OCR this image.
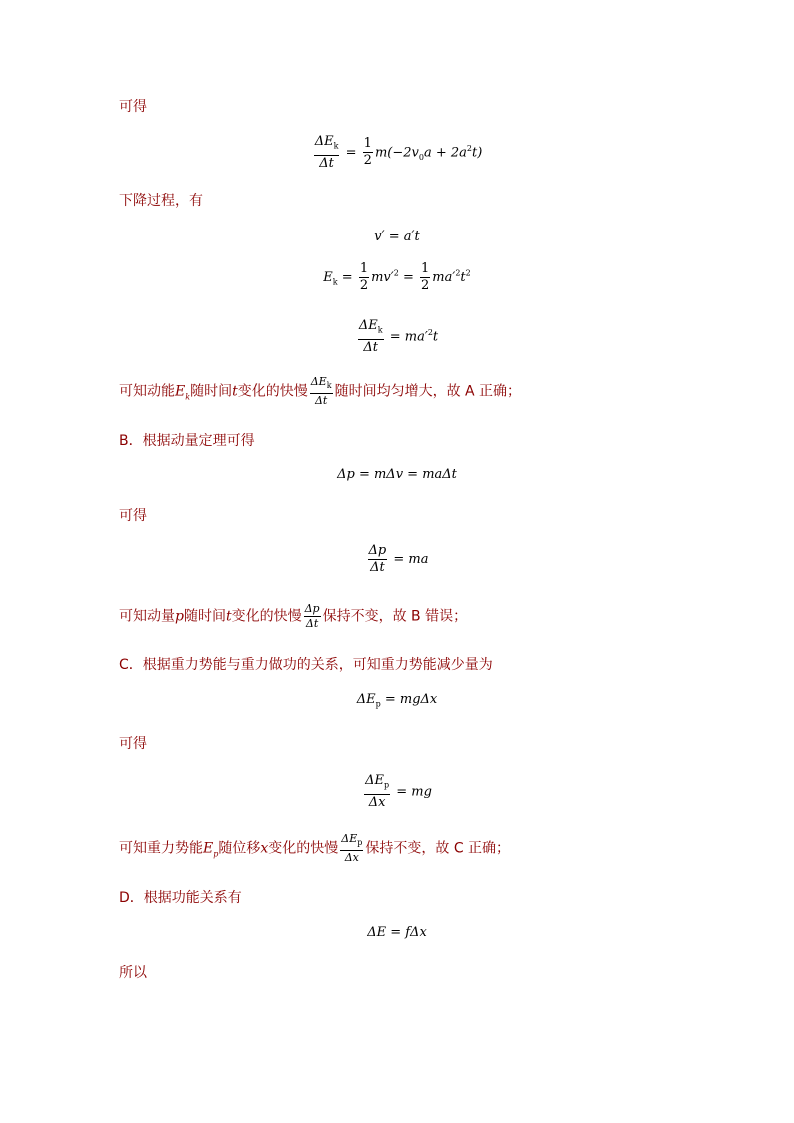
可得
$\frac{\Delta E_k}{\Delta t} = \frac{1}{2} m(-2v_0a + 2a^2t)$
下降过程，有
v′ = a′t
$E_k = \frac{1}{2} mv'^2 = \frac{1}{2} ma'^2t^2$
$\frac{\Delta E_k}{\Delta t} = ma'^2t$
可知动能$E_k$随时间t变化的快慢 $\frac{\Delta E_k}{\Delta t}$ 随时间均匀增大，故 A 正确；
B．根据动量定理可得
Δp = mΔv = maΔt
可得
$\frac{\Delta p}{\Delta t}$ = ma
可知动量p随时间t变化的快慢 $\frac{\Delta p}{\Delta t}$ 保持不变，故 B 错误；
C．根据重力势能与重力做功的关系，可知重力势能减少量为
$\Delta E_p = mg\Delta x$
可得
$\frac{\Delta E_p}{\Delta x}$ = mg
可知重力势能$E_p$随位移x变化的快慢 $\frac{\Delta E_p}{\Delta x}$ 保持不变，故 C 正确；
D．根据功能关系有
ΔE = fΔx
所以
